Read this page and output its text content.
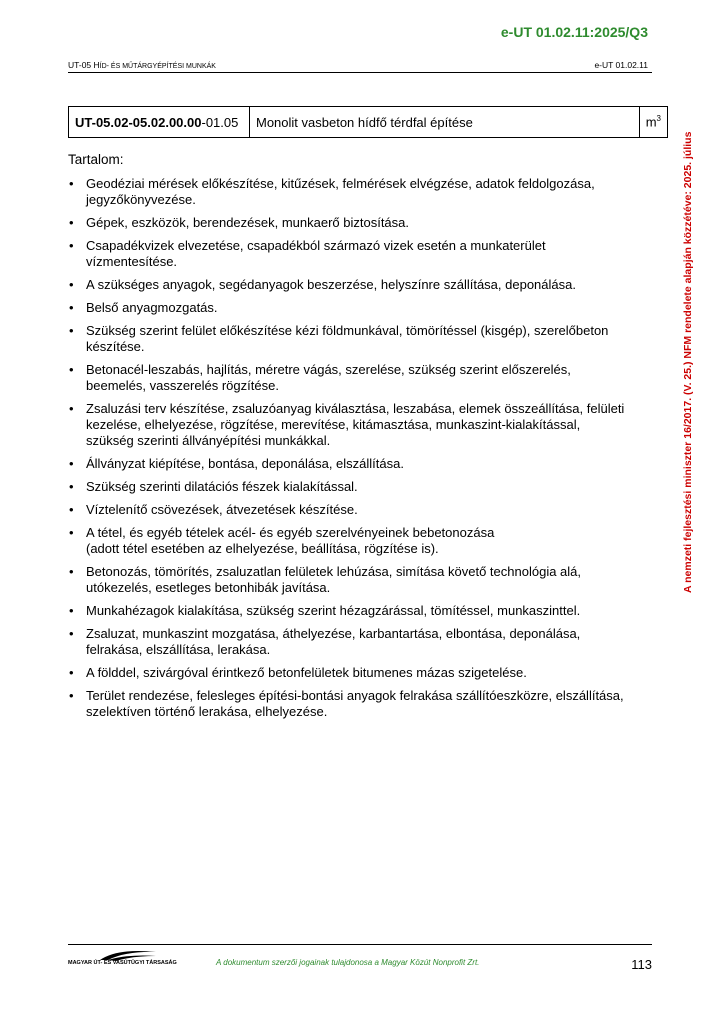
e-UT 01.02.11:2025/Q3
UT-05 HÍD- ÉS MŰTÁRGYÉPÍTÉSI MUNKÁK	e-UT 01.02.11
UT-05.02-05.02.00.00-01.05	Monolit vasbeton hídfő térdfal építése	$m^3$
Tartalom:
• Geodéziai mérések előkészítése, kitűzések, felmérések elvégzése, adatok feldolgozása, jegyzőkönyvezése.
• Gépek, eszközök, berendezések, munkaerő biztosítása.
• Csapadékvizek elvezetése, csapadékból származó vizek esetén a munkaterület vízmentesítése.
• A szükséges anyagok, segédanyagok beszerzése, helyszínre szállítása, deponálása.
• Belső anyagmozgatás.
• Szükség szerint felület előkészítése kézi földmunkával, tömörítéssel (kisgép), szerelőbeton készítése.
• Betonacél-leszabás, hajlítás, méretre vágás, szerelése, szükség szerint előszerelés, beemelés, vasszerelés rögzítése.
• Zsaluzási terv készítése, zsaluzóanyag kiválasztása, leszabása, elemek összeállítása, felületi kezelése, elhelyezése, rögzítése, merevítése, kitámasztása, munkaszint-kialakítással, szükség szerinti állványépítési munkákkal.
• Állványzat kiépítése, bontása, deponálása, elszállítása.
• Szükség szerinti dilatációs fészek kialakítással.
• Víztelenítő csövezések, átvezetések készítése.
• A tétel, és egyéb tételek acél- és egyéb szerelvényeinek bebetonozása
(adott tétel esetében az elhelyezése, beállítása, rögzítése is).
• Betonozás, tömörítés, zsaluzatlan felületek lehúzása, simítása követő technológia alá, utókezelés, esetleges betonhibák javítása.
• Munkahézagok kialakítása, szükség szerint hézagzárással, tömítéssel, munkaszinttel.
• Zsaluzat, munkaszint mozgatása, áthelyezése, karbantartása, elbontása, deponálása, felrakása, elszállítása, lerakása.
• A földdel, szivárgóval érintkező betonfelületek bitumenes mázas szigetelése.
• Terület rendezése, felesleges építési-bontási anyagok felrakása szállítóeszközre, elszállítása, szelektíven történő lerakása, elhelyezése.
A nemzeti fejlesztési miniszter 16/2017. (V. 25.) NFM rendelete alapján közzétéve: 2025. július
MAGYAR ÚT- ÉS VASÚTÜGYI TÁRSASÁG	A dokumentum szerzői jogainak tulajdonosa a Magyar Közút Nonprofit Zrt.	113
